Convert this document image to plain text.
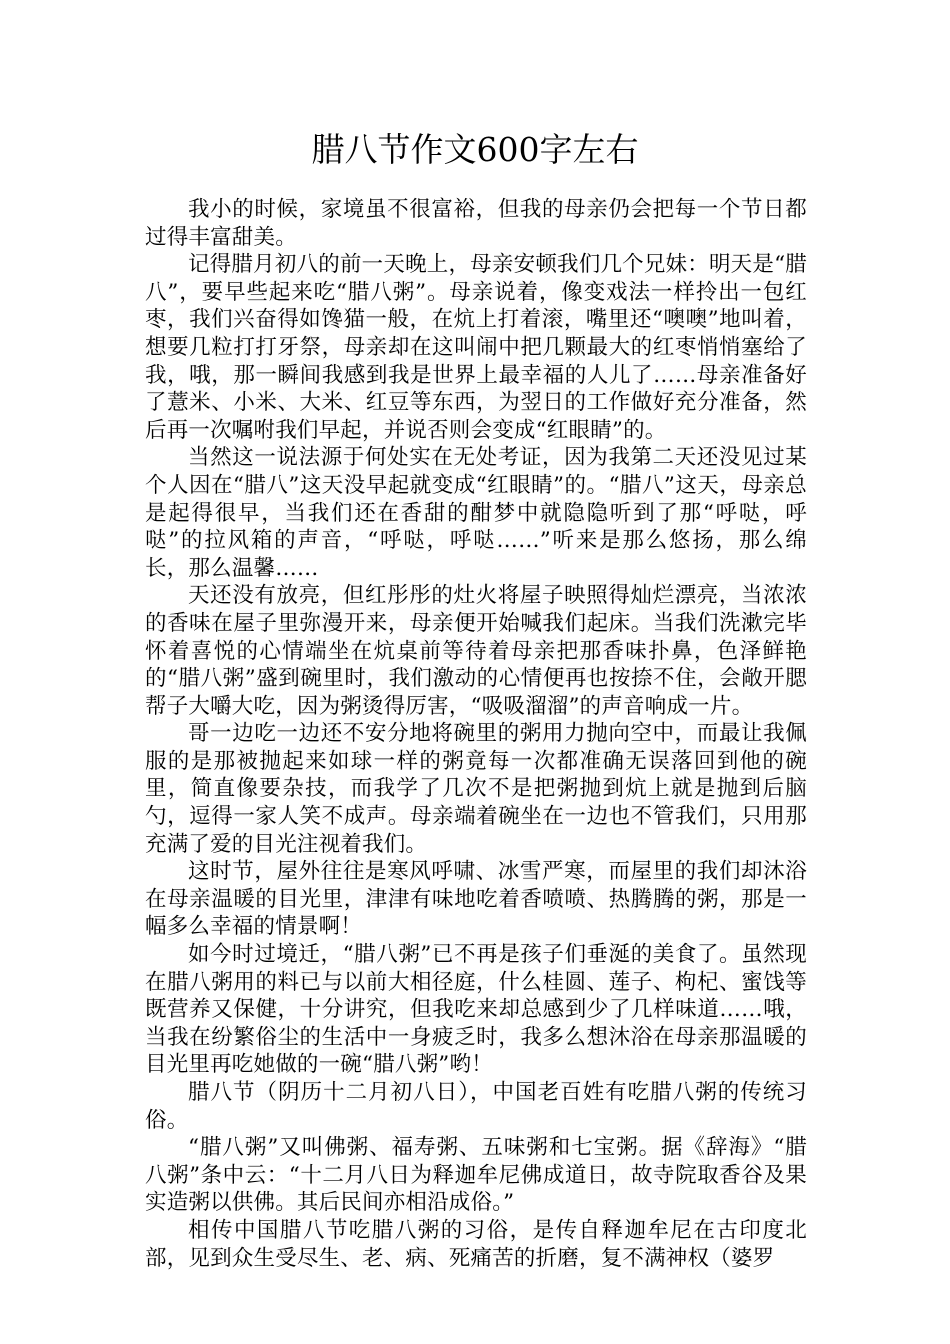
腊八节作文600字左右

我小的时候，家境虽不很富裕，但我的母亲仍会把每一个节日都过得丰富甜美。

记得腊月初八的前一天晚上，母亲安顿我们几个兄妹：明天是“腊八”，要早些起来吃“腊八粥”。母亲说着，像变戏法一样拎出一包红枣，我们兴奋得如馋猫一般，在炕上打着滚，嘴里还“噢噢”地叫着，想要几粒打打牙祭，母亲却在这叫闹中把几颗最大的红枣悄悄塞给了我，哦，那一瞬间我感到我是世界上最幸福的人儿了……母亲准备好了薏米、小米、大米、红豆等东西，为翌日的工作做好充分准备，然后再一次嘱咐我们早起，并说否则会变成“红眼睛”的。

当然这一说法源于何处实在无处考证，因为我第二天还没见过某个人因在“腊八”这天没早起就变成“红眼睛”的。“腊八”这天，母亲总是起得很早，当我们还在香甜的酣梦中就隐隐听到了那“呼哒，呼哒”的拉风箱的声音，“呼哒，呼哒……”听来是那么悠扬，那么绵长，那么温馨……

天还没有放亮，但红彤彤的灶火将屋子映照得灿烂漂亮，当浓浓的香味在屋子里弥漫开来，母亲便开始喊我们起床。当我们洗漱完毕怀着喜悦的心情端坐在炕桌前等待着母亲把那香味扑鼻，色泽鲜艳的“腊八粥”盛到碗里时，我们激动的心情便再也按捺不住，会敞开腮帮子大嚼大吃，因为粥烫得厉害，“吸吸溜溜”的声音响成一片。

哥一边吃一边还不安分地将碗里的粥用力抛向空中，而最让我佩服的是那被抛起来如球一样的粥竟每一次都准确无误落回到他的碗里，简直像要杂技，而我学了几次不是把粥抛到炕上就是抛到后脑勺，逗得一家人笑不成声。母亲端着碗坐在一边也不管我们，只用那充满了爱的目光注视着我们。

这时节，屋外往往是寒风呼啸、冰雪严寒，而屋里的我们却沐浴在母亲温暖的目光里，津津有味地吃着香喷喷、热腾腾的粥，那是一幅多么幸福的情景啊！

如今时过境迁，“腊八粥”已不再是孩子们垂涎的美食了。虽然现在腊八粥用的料已与以前大相径庭，什么桂圆、莲子、枸杞、蜜饯等既营养又保健，十分讲究，但我吃来却总感到少了几样味道……哦，当我在纷繁俗尘的生活中一身疲乏时，我多么想沐浴在母亲那温暖的目光里再吃她做的一碗“腊八粥”哟！

腊八节（阴历十二月初八日），中国老百姓有吃腊八粥的传统习俗。

“腊八粥”又叫佛粥、福寿粥、五味粥和七宝粥。据《辞海》“腊八粥”条中云：“十二月八日为释迦牟尼佛成道日，故寺院取香谷及果实造粥以供佛。其后民间亦相沿成俗。”

相传中国腊八节吃腊八粥的习俗，是传自释迦牟尼在古印度北部，见到众生受尽生、老、病、死痛苦的折磨，复不满神权（婆罗
